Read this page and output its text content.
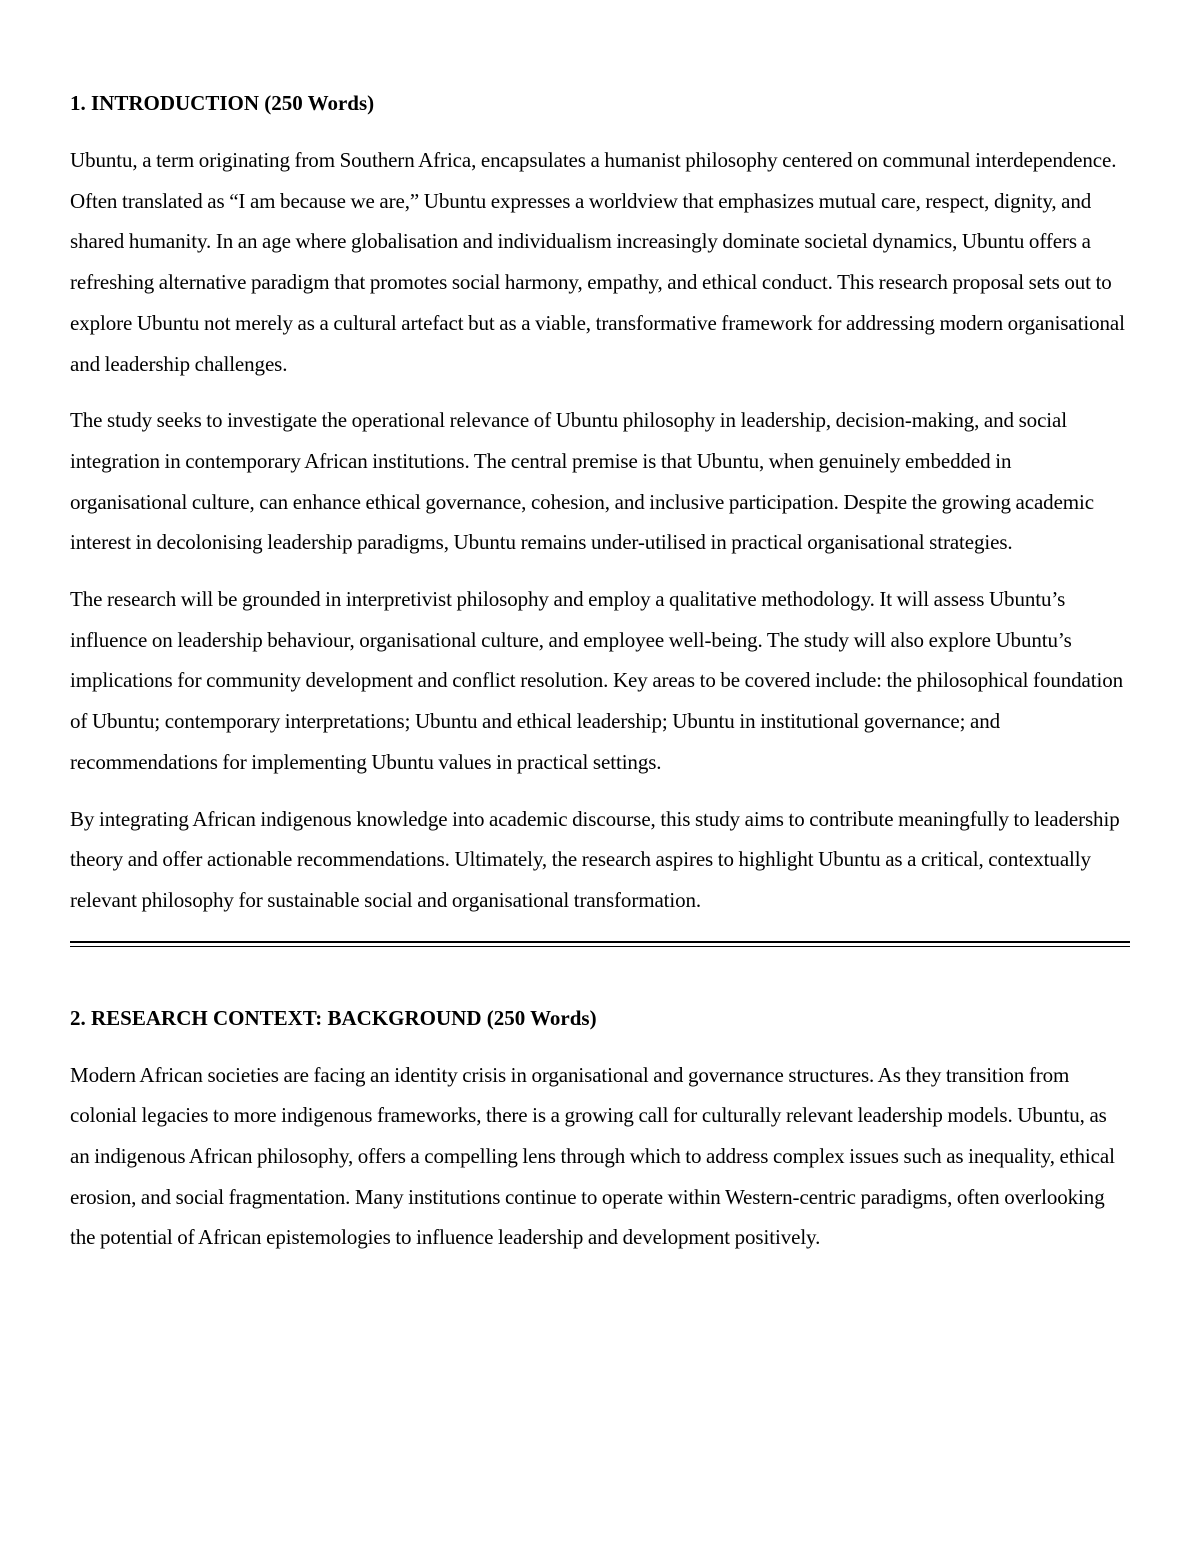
1. INTRODUCTION (250 Words)

Ubuntu, a term originating from Southern Africa, encapsulates a humanist philosophy centered on communal interdependence. Often translated as “I am because we are,” Ubuntu expresses a worldview that emphasizes mutual care, respect, dignity, and shared humanity. In an age where globalisation and individualism increasingly dominate societal dynamics, Ubuntu offers a refreshing alternative paradigm that promotes social harmony, empathy, and ethical conduct. This research proposal sets out to explore Ubuntu not merely as a cultural artefact but as a viable, transformative framework for addressing modern organisational and leadership challenges.

The study seeks to investigate the operational relevance of Ubuntu philosophy in leadership, decision-making, and social integration in contemporary African institutions. The central premise is that Ubuntu, when genuinely embedded in organisational culture, can enhance ethical governance, cohesion, and inclusive participation. Despite the growing academic interest in decolonising leadership paradigms, Ubuntu remains under-utilised in practical organisational strategies.

The research will be grounded in interpretivist philosophy and employ a qualitative methodology. It will assess Ubuntu’s influence on leadership behaviour, organisational culture, and employee well-being. The study will also explore Ubuntu’s implications for community development and conflict resolution. Key areas to be covered include: the philosophical foundation of Ubuntu; contemporary interpretations; Ubuntu and ethical leadership; Ubuntu in institutional governance; and recommendations for implementing Ubuntu values in practical settings.

By integrating African indigenous knowledge into academic discourse, this study aims to contribute meaningfully to leadership theory and offer actionable recommendations. Ultimately, the research aspires to highlight Ubuntu as a critical, contextually relevant philosophy for sustainable social and organisational transformation.

2. RESEARCH CONTEXT: BACKGROUND (250 Words)

Modern African societies are facing an identity crisis in organisational and governance structures. As they transition from colonial legacies to more indigenous frameworks, there is a growing call for culturally relevant leadership models. Ubuntu, as an indigenous African philosophy, offers a compelling lens through which to address complex issues such as inequality, ethical erosion, and social fragmentation. Many institutions continue to operate within Western-centric paradigms, often overlooking the potential of African epistemologies to influence leadership and development positively.
